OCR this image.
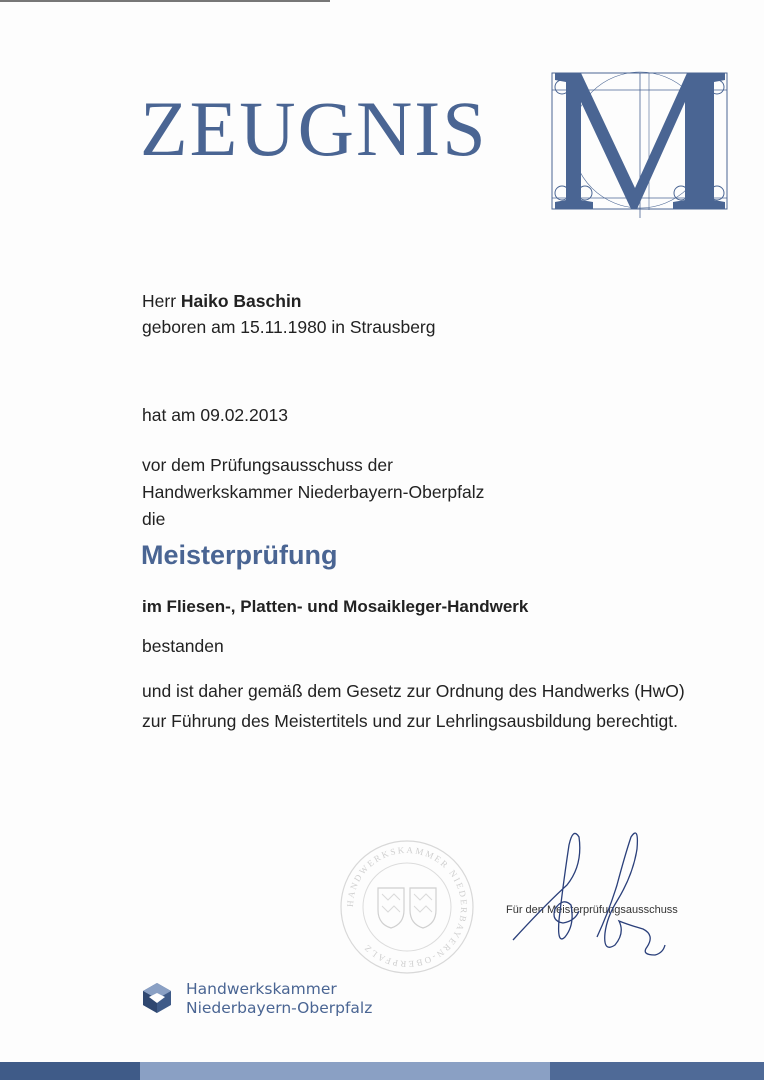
ZEUGNIS
Herr Haiko Baschin
geboren am 15.11.1980 in Strausberg
hat am 09.02.2013
vor dem Prüfungsausschuss der
Handwerkskammer Niederbayern-Oberpfalz
die
Meisterprüfung
im Fliesen-, Platten- und Mosaikleger-Handwerk
bestanden
und ist daher gemäß dem Gesetz zur Ordnung des Handwerks (HwO)
zur Führung des Meistertitels und zur Lehrlingsausbildung berechtigt.
HANDWERKSKAMMER NIEDERBAYERN-OBERPFALZ
Für den Meisterprüfungsausschuss
Handwerkskammer
Niederbayern-Oberpfalz
